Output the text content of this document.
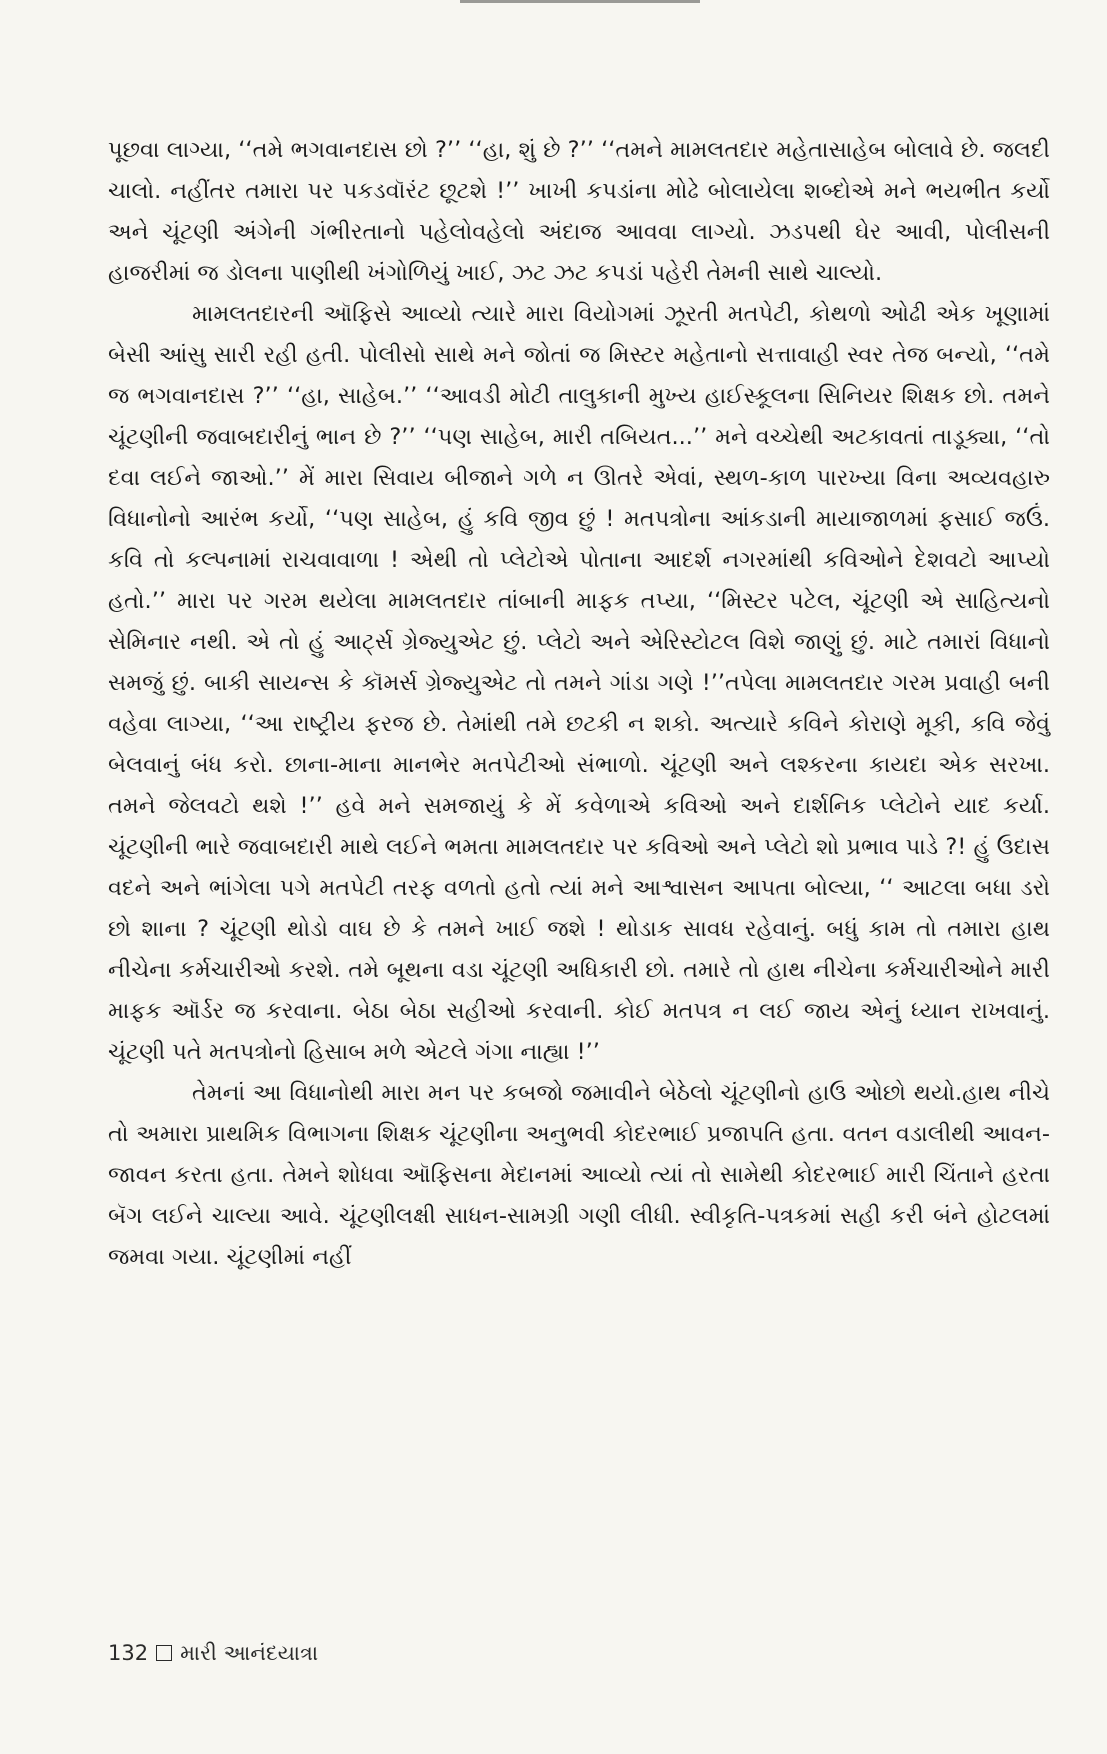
પૂછવા લાગ્યા, ‘‘તમે ભગવાનદાસ છો ?’’ ‘‘હા, શું છે ?’’ ‘‘તમને મામલતદાર મહેતાસાહેબ બોલાવે છે. જલદી ચાલો. નહીંતર તમારા પર પકડવૉરંટ છૂટશે !’’ ખાખી કપડાંના મોઢે બોલાયેલા શબ્દોએ મને ભયભીત કર્યો અને ચૂંટણી અંગેની ગંભીરતાનો પહેલોવહેલો અંદાજ આવવા લાગ્યો. ઝડપથી ઘેર આવી, પોલીસની હાજરીમાં જ ડોલના પાણીથી ખંગોળિયું ખાઈ, ઝટ ઝટ કપડાં પહેરી તેમની સાથે ચાલ્યો.

મામલતદારની ઑફિસે આવ્યો ત્યારે મારા વિયોગમાં ઝૂરતી મતપેટી, કોથળો ઓઢી એક ખૂણામાં બેસી આંસુ સારી રહી હતી. પોલીસો સાથે મને જોતાં જ મિસ્ટર મહેતાનો સત્તાવાહી સ્વર તેજ બન્યો, ‘‘તમે જ ભગવાનદાસ ?’’ ‘‘હા, સાહેબ.’’ ‘‘આવડી મોટી તાલુકાની મુખ્ય હાઈસ્કૂલના સિનિયર શિક્ષક છો. તમને ચૂંટણીની જવાબદારીનું ભાન છે ?’’ ‘‘પણ સાહેબ, મારી તબિયત...’’ મને વચ્ચેથી અટકાવતાં તાડૂક્યા, ‘‘તો દવા લઈને જાઓ.’’ મેં મારા સિવાય બીજાને ગળે ન ઊતરે એવાં, સ્થળ-કાળ પારખ્યા વિના અવ્યવહારુ વિધાનોનો આરંભ કર્યો, ‘‘પણ સાહેબ, હું કવિ જીવ છું ! મતપત્રોના આંકડાની માયાજાળમાં ફસાઈ જઉં. કવિ તો કલ્પનામાં રાચવાવાળા ! એથી તો પ્લેટોએ પોતાના આદર્શ નગરમાંથી કવિઓને દેશવટો આપ્યો હતો.’’ મારા પર ગરમ થયેલા મામલતદાર તાંબાની માફક તપ્યા, ‘‘મિસ્ટર પટેલ, ચૂંટણી એ સાહિત્યનો સેમિનાર નથી. એ તો હું આર્ટ્સ ગ્રેજ્યુએટ છું. પ્લેટો અને એરિસ્ટોટલ વિશે જાણું છું. માટે તમારાં વિધાનો સમજું છું. બાકી સાયન્સ કે કૉમર્સ ગ્રેજ્યુએટ તો તમને ગાંડા ગણે !’’તપેલા મામલતદાર ગરમ પ્રવાહી બની વહેવા લાગ્યા, ‘‘આ રાષ્ટ્રીય ફરજ છે. તેમાંથી તમે છટકી ન શકો. અત્યારે કવિને કોરાણે મૂકી, કવિ જેવું બેલવાનું બંધ કરો. છાના-માના માનભેર મતપેટીઓ સંભાળો. ચૂંટણી અને લશ્કરના કાયદા એક સરખા. તમને જેલવટો થશે !’’ હવે મને સમજાયું કે મેં કવેળાએ કવિઓ અને દાર્શનિક પ્લેટોને યાદ કર્યા. ચૂંટણીની ભારે જવાબદારી માથે લઈને ભમતા મામલતદાર પર કવિઓ અને પ્લેટો શો પ્રભાવ પાડે ?! હું ઉદાસ વદને અને ભાંગેલા પગે મતપેટી તરફ વળતો હતો ત્યાં મને આશ્વાસન આપતા બોલ્યા, ‘‘ આટલા બધા ડરો છો શાના ? ચૂંટણી થોડો વાઘ છે કે તમને ખાઈ જશે ! થોડાક સાવધ રહેવાનું. બધું કામ તો તમારા હાથ નીચેના કર્મચારીઓ કરશે. તમે બૂથના વડા ચૂંટણી અધિકારી છો. તમારે તો હાથ નીચેના કર્મચારીઓને મારી માફક ઑર્ડર જ કરવાના. બેઠા બેઠા સહીઓ કરવાની. કોઈ મતપત્ર ન લઈ જાય એનું ધ્યાન રાખવાનું. ચૂંટણી પતે મતપત્રોનો હિસાબ મળે એટલે ગંગા નાહ્યા !’’

તેમનાં આ વિધાનોથી મારા મન પર કબજો જમાવીને બેઠેલો ચૂંટણીનો હાઉ ઓછો થયો.હાથ નીચે તો અમારા પ્રાથમિક વિભાગના શિક્ષક ચૂંટણીના અનુભવી કોદરભાઈ પ્રજાપતિ હતા. વતન વડાલીથી આવન-જાવન કરતા હતા. તેમને શોધવા ઑફિસના મેદાનમાં આવ્યો ત્યાં તો સામેથી કોદરભાઈ મારી ચિંતાને હરતા બૅગ લઈને ચાલ્યા આવે. ચૂંટણીલક્ષી સાધન-સામગ્રી ગણી લીધી. સ્વીકૃતિ-પત્રકમાં સહી કરી બંને હોટલમાં જમવા ગયા. ચૂંટણીમાં નહીં

132 મારી આનંદયાત્રા
